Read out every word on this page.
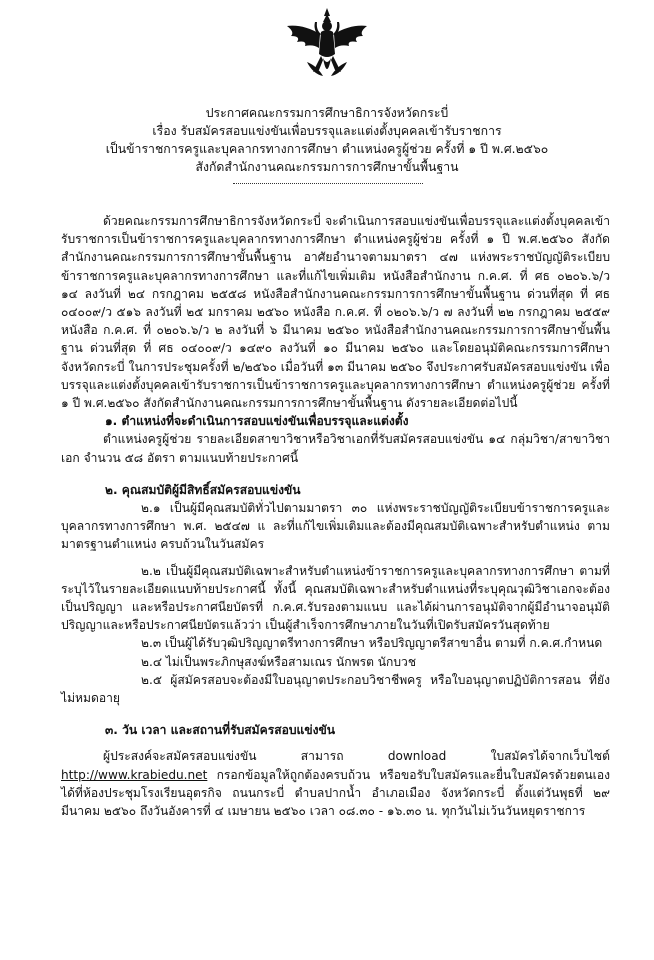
ประกาศคณะกรรมการศึกษาธิการจังหวัดกระบี่
เรื่อง รับสมัครสอบแข่งขันเพื่อบรรจุและแต่งตั้งบุคคลเข้ารับราชการ
เป็นข้าราชการครูและบุคลากรทางการศึกษา ตำแหน่งครูผู้ช่วย ครั้งที่ ๑ ปี พ.ศ.๒๕๖๐
สังกัดสำนักงานคณะกรรมการการศึกษาขั้นพื้นฐาน
ด้วยคณะกรรมการศึกษาธิการจังหวัดกระบี่ จะดำเนินการสอบแข่งขันเพื่อบรรจุและแต่งตั้งบุคคลเข้ารับราชการเป็นข้าราชการครูและบุคลากรทางการศึกษา ตำแหน่งครูผู้ช่วย ครั้งที่ ๑ ปี พ.ศ.๒๕๖๐ สังกัดสำนักงานคณะกรรมการการศึกษาขั้นพื้นฐาน อาศัยอำนาจตามมาตรา ๔๗ แห่งพระราชบัญญัติระเบียบข้าราชการครูและบุคลากรทางการศึกษา และที่แก้ไขเพิ่มเติม หนังสือสำนักงาน ก.ค.ศ. ที่ ศธ ๐๒๐๖.๖/ว ๑๔ ลงวันที่ ๒๔ กรกฎาคม ๒๕๕๘ หนังสือสำนักงานคณะกรรมการการศึกษาขั้นพื้นฐาน ด่วนที่สุด ที่ ศธ ๐๔๐๐๙/ว ๕๑๖ ลงวันที่ ๒๕ มกราคม ๒๕๖๐ หนังสือ ก.ค.ศ. ที่ ๐๒๐๖.๖/ว ๗ ลงวันที่ ๒๒ กรกฎาคม ๒๕๕๙ หนังสือ ก.ค.ศ. ที่ ๐๒๐๖.๖/ว ๒ ลงวันที่ ๖ มีนาคม ๒๕๖๐ หนังสือสำนักงานคณะกรรมการการศึกษาขั้นพื้นฐาน ด่วนที่สุด ที่ ศธ ๐๔๐๐๙/ว ๑๔๙๐ ลงวันที่ ๑๐ มีนาคม ๒๕๖๐ และโดยอนุมัติคณะกรรมการศึกษาจังหวัดกระบี่ ในการประชุมครั้งที่ ๒/๒๕๖๐ เมื่อวันที่ ๑๓ มีนาคม ๒๕๖๐ จึงประกาศรับสมัครสอบแข่งขัน เพื่อบรรจุและแต่งตั้งบุคคลเข้ารับราชการเป็นข้าราชการครูและบุคลากรทางการศึกษา ตำแหน่งครูผู้ช่วย ครั้งที่ ๑ ปี พ.ศ.๒๕๖๐ สังกัดสำนักงานคณะกรรมการการศึกษาขั้นพื้นฐาน ดังรายละเอียดต่อไปนี้
๑. ตำแหน่งที่จะดำเนินการสอบแข่งขันเพื่อบรรจุและแต่งตั้ง
ตำแหน่งครูผู้ช่วย รายละเอียดสาขาวิชาหรือวิชาเอกที่รับสมัครสอบแข่งขัน ๑๔ กลุ่มวิชา/สาขาวิชาเอก จำนวน ๕๘ อัตรา ตามแนบท้ายประกาศนี้
๒. คุณสมบัติผู้มีสิทธิ์สมัครสอบแข่งขัน
๒.๑ เป็นผู้มีคุณสมบัติทั่วไปตามมาตรา ๓๐ แห่งพระราชบัญญัติระเบียบข้าราชการครูและบุคลากรทางการศึกษา พ.ศ. ๒๕๔๗ แ ละที่แก้ไขเพิ่มเติมและต้องมีคุณสมบัติเฉพาะสำหรับตำแหน่ง ตามมาตรฐานตำแหน่ง ครบถ้วนในวันสมัคร
๒.๒ เป็นผู้มีคุณสมบัติเฉพาะสำหรับตำแหน่งข้าราชการครูและบุคลากรทางการศึกษา ตามที่ระบุไว้ในรายละเอียดแนบท้ายประกาศนี้ ทั้งนี้ คุณสมบัติเฉพาะสำหรับตำแหน่งที่ระบุคุณวุฒิวิชาเอกจะต้องเป็นปริญญา และหรือประกาศนียบัตรที่ ก.ค.ศ.รับรองตามแนบ และได้ผ่านการอนุมัติจากผู้มีอำนาจอนุมัติปริญญาและหรือประกาศนียบัตรแล้วว่า เป็นผู้สำเร็จการศึกษาภายในวันที่เปิดรับสมัครวันสุดท้าย
๒.๓ เป็นผู้ได้รับวุฒิปริญญาตรีทางการศึกษา หรือปริญญาตรีสาขาอื่น ตามที่ ก.ค.ศ.กำหนด
๒.๔ ไม่เป็นพระภิกษุสงฆ์หรือสามเณร นักพรต นักบวช
๒.๕ ผู้สมัครสอบจะต้องมีใบอนุญาตประกอบวิชาชีพครู หรือใบอนุญาตปฏิบัติการสอน ที่ยังไม่หมดอายุ
๓. วัน เวลา และสถานที่รับสมัครสอบแข่งขัน
ผู้ประสงค์จะสมัครสอบแข่งขัน สามารถ download ใบสมัครได้จากเว็บไซต์ http://www.krabiedu.net กรอกข้อมูลให้ถูกต้องครบถ้วน หรือขอรับใบสมัครและยื่นใบสมัครด้วยตนเองได้ที่ห้องประชุมโรงเรียนอุตรกิจ ถนนกระบี่ ตำบลปากน้ำ อำเภอเมือง จังหวัดกระบี่ ตั้งแต่วันพุธที่ ๒๙ มีนาคม ๒๕๖๐ ถึงวันอังคารที่ ๔ เมษายน ๒๕๖๐ เวลา ๐๘.๓๐ - ๑๖.๓๐ น. ทุกวันไม่เว้นวันหยุดราชการ
